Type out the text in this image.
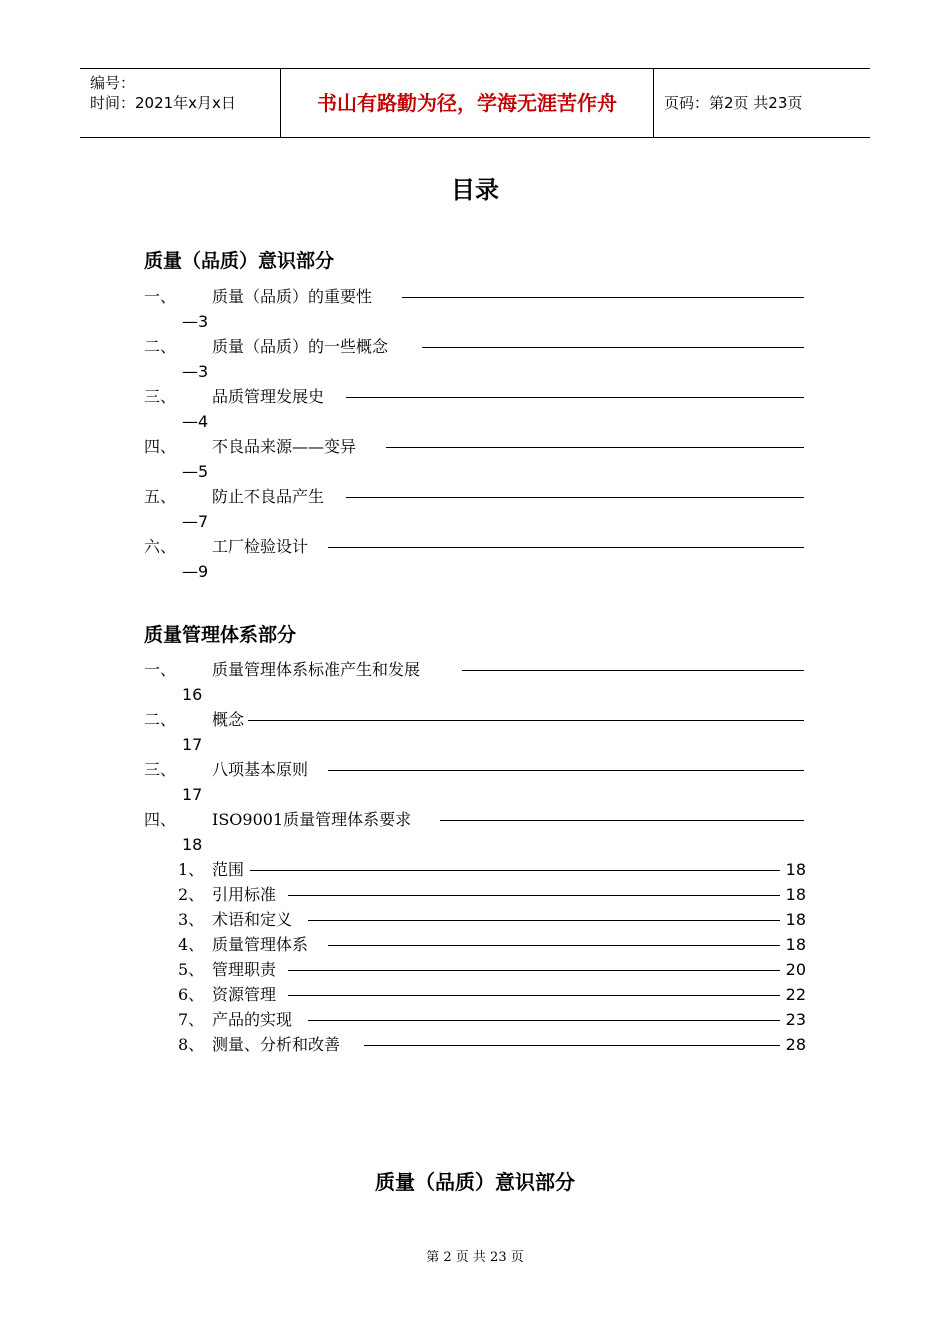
编号：
时间：2021年x月x日	书山有路勤为径，学海无涯苦作舟	页码：第2页 共23页
目录
质量（品质）意识部分
一、 质量（品质）的重要性
—3
二、 质量（品质）的一些概念
—3
三、 品质管理发展史
—4
四、 不良品来源——变异
—5
五、 防止不良品产生
—7
六、 工厂检验设计
—9
质量管理体系部分
一、 质量管理体系标准产生和发展
16
二、 概念
17
三、 八项基本原则
17
四、 ISO9001质量管理体系要求
18
1、 范围	18
2、 引用标准	18
3、 术语和定义	18
4、 质量管理体系	18
5、 管理职责	20
6、 资源管理	22
7、 产品的实现	23
8、 测量、分析和改善	28
质量（品质）意识部分
第 2 页 共 23 页
